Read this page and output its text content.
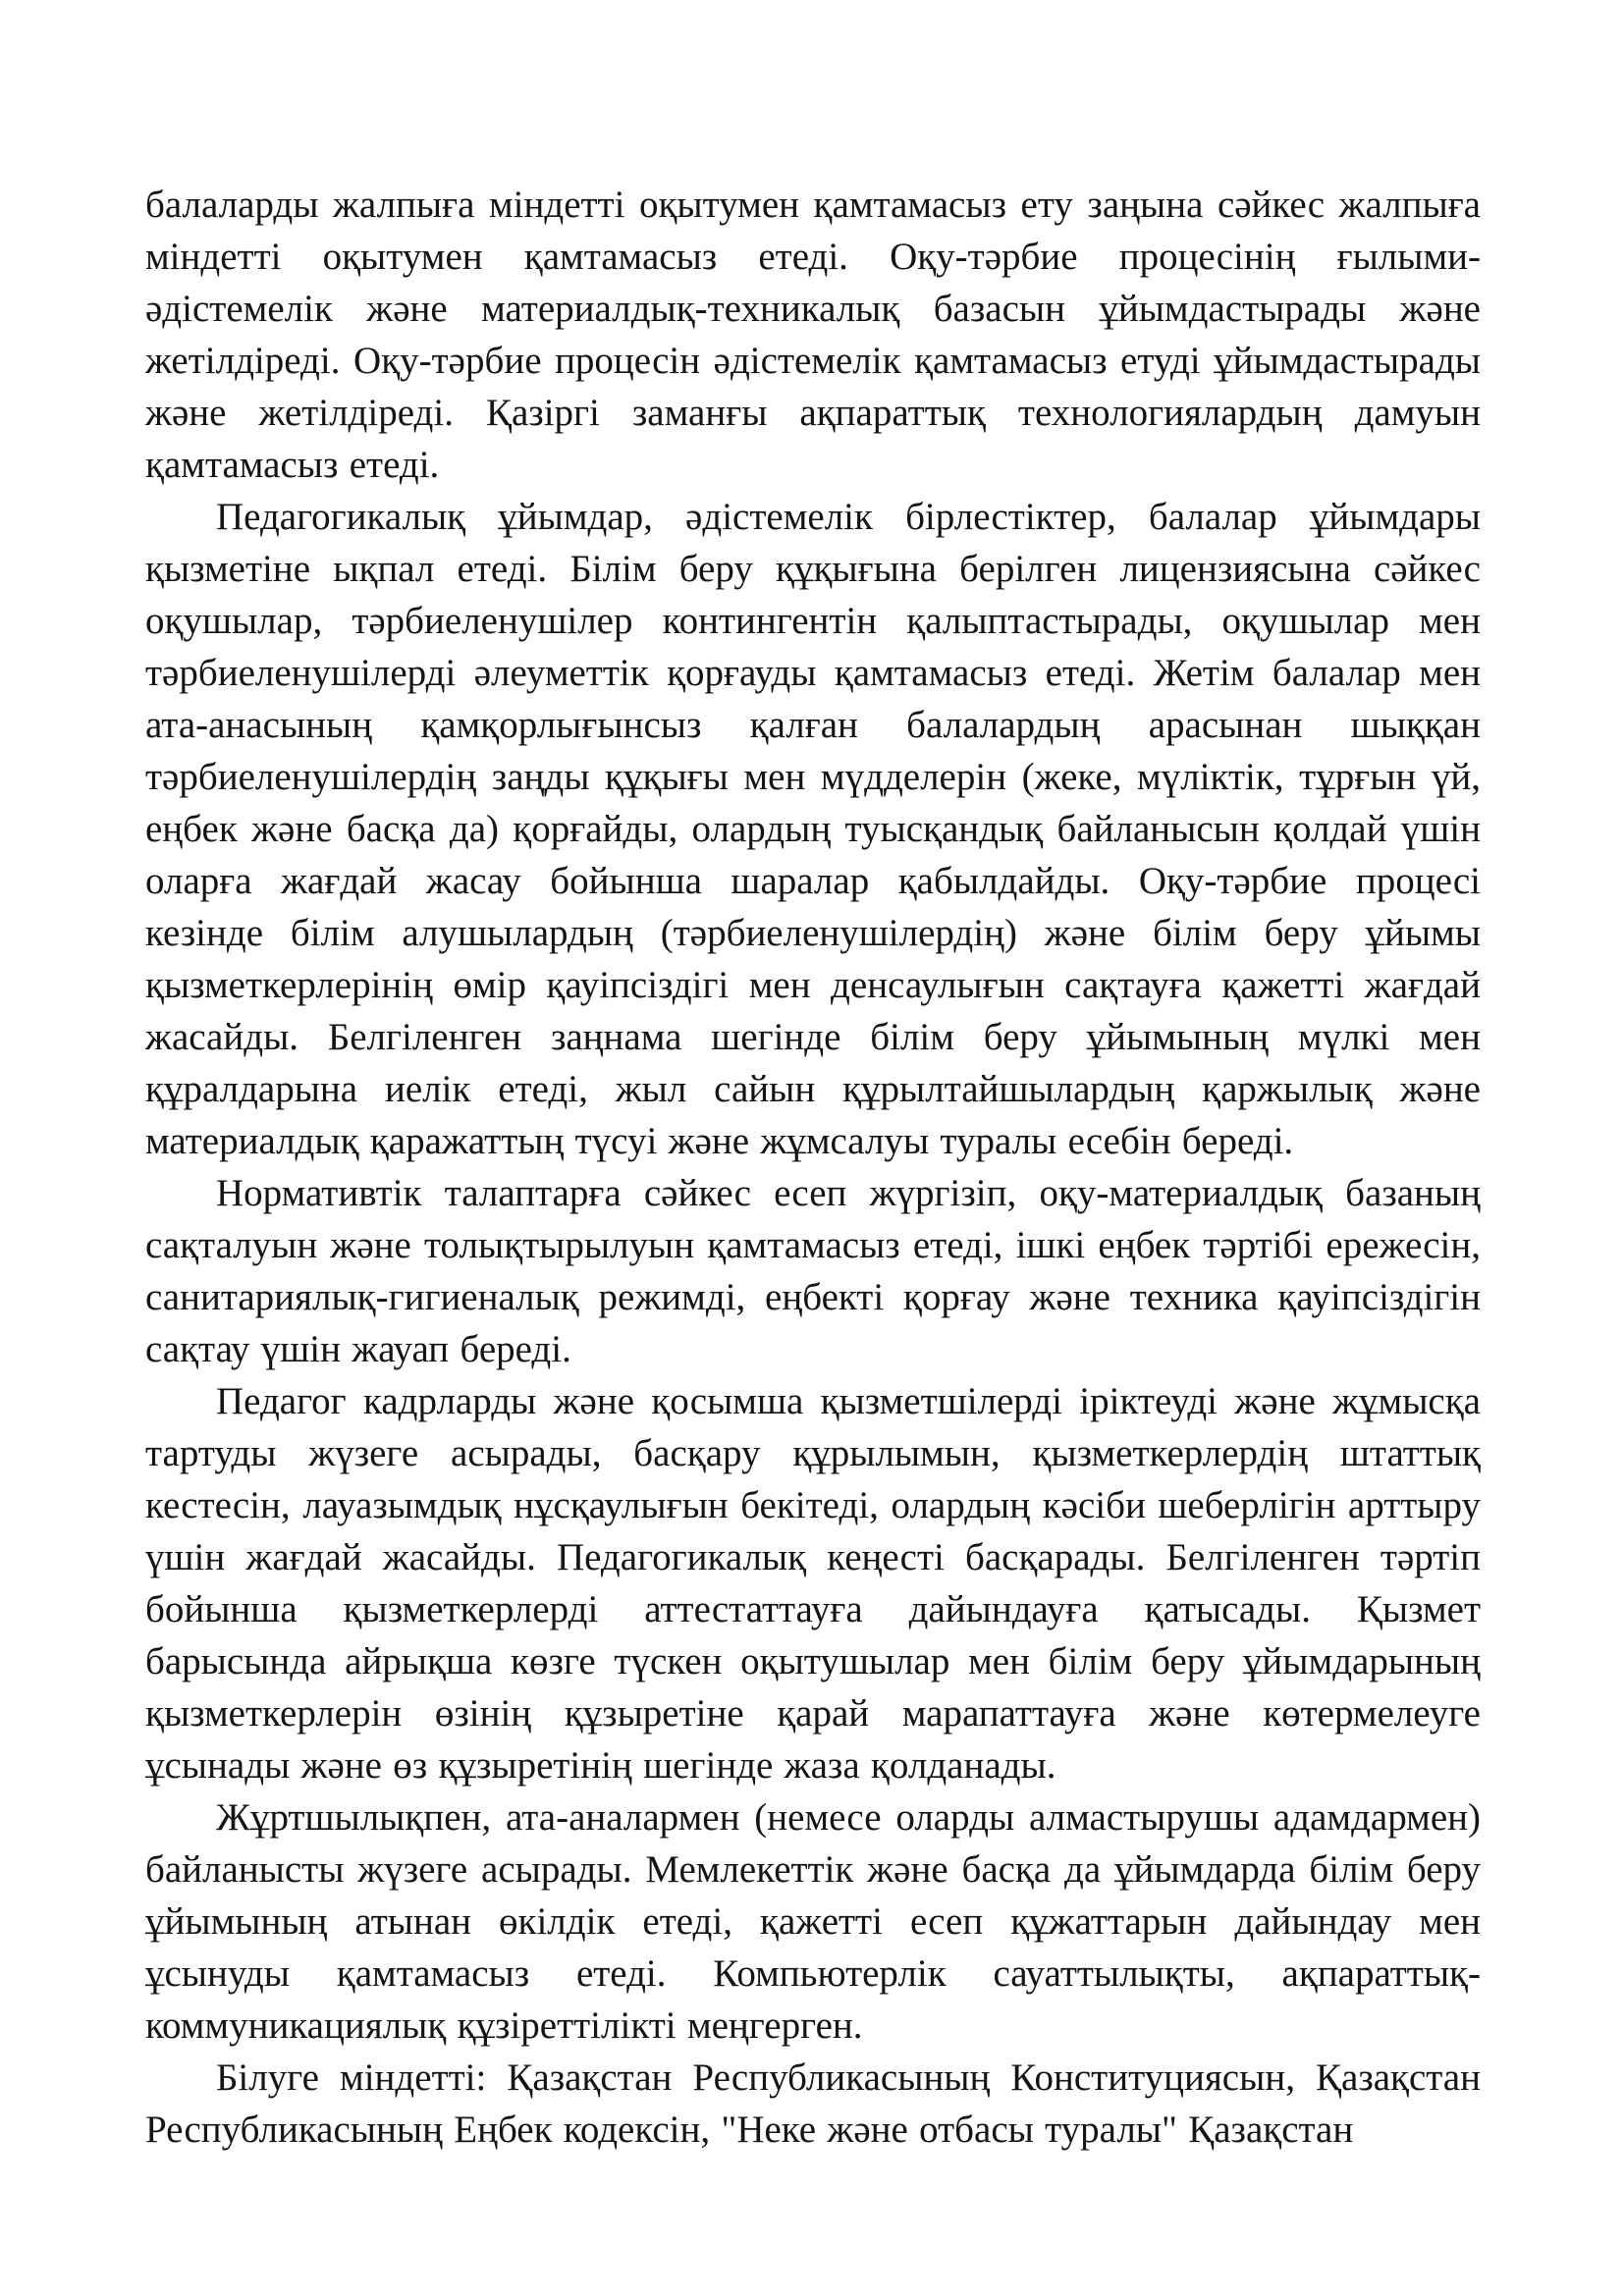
балаларды жалпыға міндетті оқытумен қамтамасыз ету заңына сәйкес жалпыға міндетті оқытумен қамтамасыз етеді. Оқу-тәрбие процесінің ғылыми-әдістемелік және материалдық-техникалық базасын ұйымдастырады және жетілдіреді. Оқу-тәрбие процесін әдістемелік қамтамасыз етуді ұйымдастырады және жетілдіреді. Қазіргі заманғы ақпараттық технологиялардың дамуын қамтамасыз етеді.

Педагогикалық ұйымдар, әдістемелік бірлестіктер, балалар ұйымдары қызметіне ықпал етеді. Білім беру құқығына берілген лицензиясына сәйкес оқушылар, тәрбиеленушілер контингентін қалыптастырады, оқушылар мен тәрбиеленушілерді әлеуметтік қорғауды қамтамасыз етеді. Жетім балалар мен ата-анасының қамқорлығынсыз қалған балалардың арасынан шыққан тәрбиеленушілердің заңды құқығы мен мүдделерін (жеке, мүліктік, тұрғын үй, еңбек және басқа да) қорғайды, олардың туысқандық байланысын қолдай үшін оларға жағдай жасау бойынша шаралар қабылдайды. Оқу-тәрбие процесі кезінде білім алушылардың (тәрбиеленушілердің) және білім беру ұйымы қызметкерлерінің өмір қауіпсіздігі мен денсаулығын сақтауға қажетті жағдай жасайды. Белгіленген заңнама шегінде білім беру ұйымының мүлкі мен құралдарына иелік етеді, жыл сайын құрылтайшылардың қаржылық және материалдық қаражаттың түсуі және жұмсалуы туралы есебін береді.

Нормативтік талаптарға сәйкес есеп жүргізіп, оқу-материалдық базаның сақталуын және толықтырылуын қамтамасыз етеді, ішкі еңбек тәртібі ережесін, санитариялық-гигиеналық режимді, еңбекті қорғау және техника қауіпсіздігін сақтау үшін жауап береді.

Педагог кадрларды және қосымша қызметшілерді іріктеуді және жұмысқа тартуды жүзеге асырады, басқару құрылымын, қызметкерлердің штаттық кестесін, лауазымдық нұсқаулығын бекітеді, олардың кәсіби шеберлігін арттыру үшін жағдай жасайды. Педагогикалық кеңесті басқарады. Белгіленген тәртіп бойынша қызметкерлерді аттестаттауға дайындауға қатысады. Қызмет барысында айрықша көзге түскен оқытушылар мен білім беру ұйымдарының қызметкерлерін өзінің құзыретіне қарай марапаттауға және көтермелеуге ұсынады және өз құзыретінің шегінде жаза қолданады.

Жұртшылықпен, ата-аналармен (немесе оларды алмастырушы адамдармен) байланысты жүзеге асырады. Мемлекеттік және басқа да ұйымдарда білім беру ұйымының атынан өкілдік етеді, қажетті есеп құжаттарын дайындау мен ұсынуды қамтамасыз етеді. Компьютерлік сауаттылықты, ақпараттық-коммуникациялық құзіреттілікті меңгерген.

Білуге міндетті: Қазақстан Республикасының Конституциясын, Қазақстан Республикасының Еңбек кодексін, "Неке және отбасы туралы" Қазақстан
